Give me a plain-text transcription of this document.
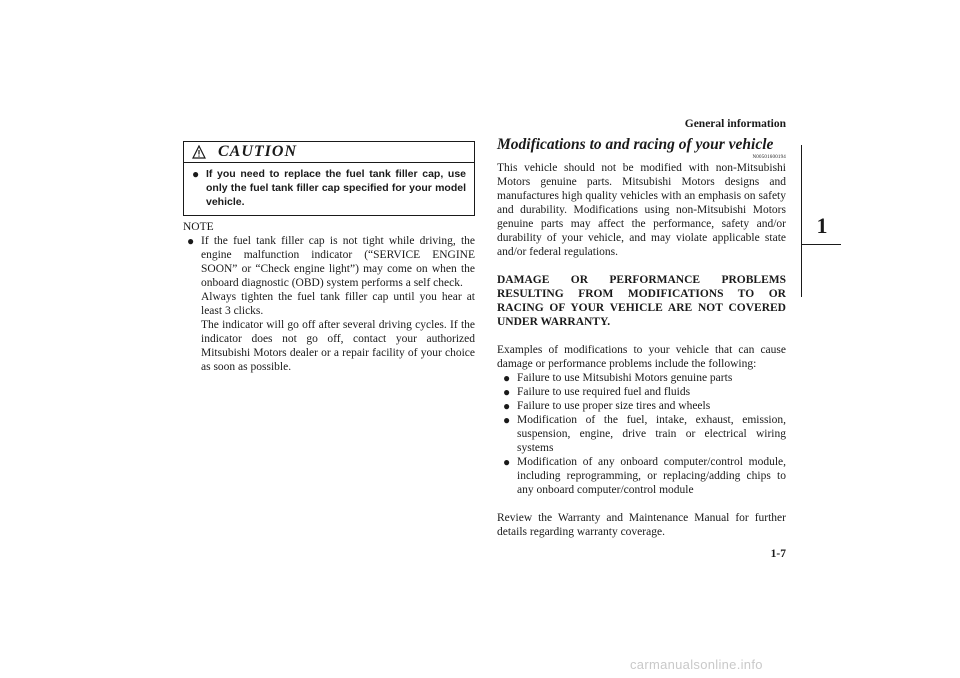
General information
1
CAUTION
● If you need to replace the fuel tank filler cap, use only the fuel tank filler cap specified for your model vehicle.
NOTE
● If the fuel tank filler cap is not tight while driving, the engine malfunction indicator (“SERVICE ENGINE SOON” or “Check engine light”) may come on when the onboard diagnostic (OBD) system performs a self check.

Always tighten the fuel tank filler cap until you hear at least 3 clicks.

The indicator will go off after several driving cycles. If the indicator does not go off, contact your authorized Mitsubishi Motors dealer or a repair facility of your choice as soon as possible.

Modifications to and racing of your vehicle
N00501600194

This vehicle should not be modified with non-Mitsubishi Motors genuine parts. Mitsubishi Motors designs and manufactures high quality vehicles with an emphasis on safety and durability. Modifications using non-Mitsubishi Motors genuine parts may affect the performance, safety and/or durability of your vehicle, and may violate applicable state and/or federal regulations.

DAMAGE OR PERFORMANCE PROBLEMS RESULTING FROM MODIFICATIONS TO OR RACING OF YOUR VEHICLE ARE NOT COVERED UNDER WARRANTY.

Examples of modifications to your vehicle that can cause damage or performance problems include the following:

● Failure to use Mitsubishi Motors genuine parts
● Failure to use required fuel and fluids
● Failure to use proper size tires and wheels
● Modification of the fuel, intake, exhaust, emission, suspension, engine, drive train or electrical wiring systems
● Modification of any onboard computer/control module, including reprogramming, or replacing/adding chips to any onboard computer/control module

Review the Warranty and Maintenance Manual for further details regarding warranty coverage.

1-7
carmanualsonline.info
